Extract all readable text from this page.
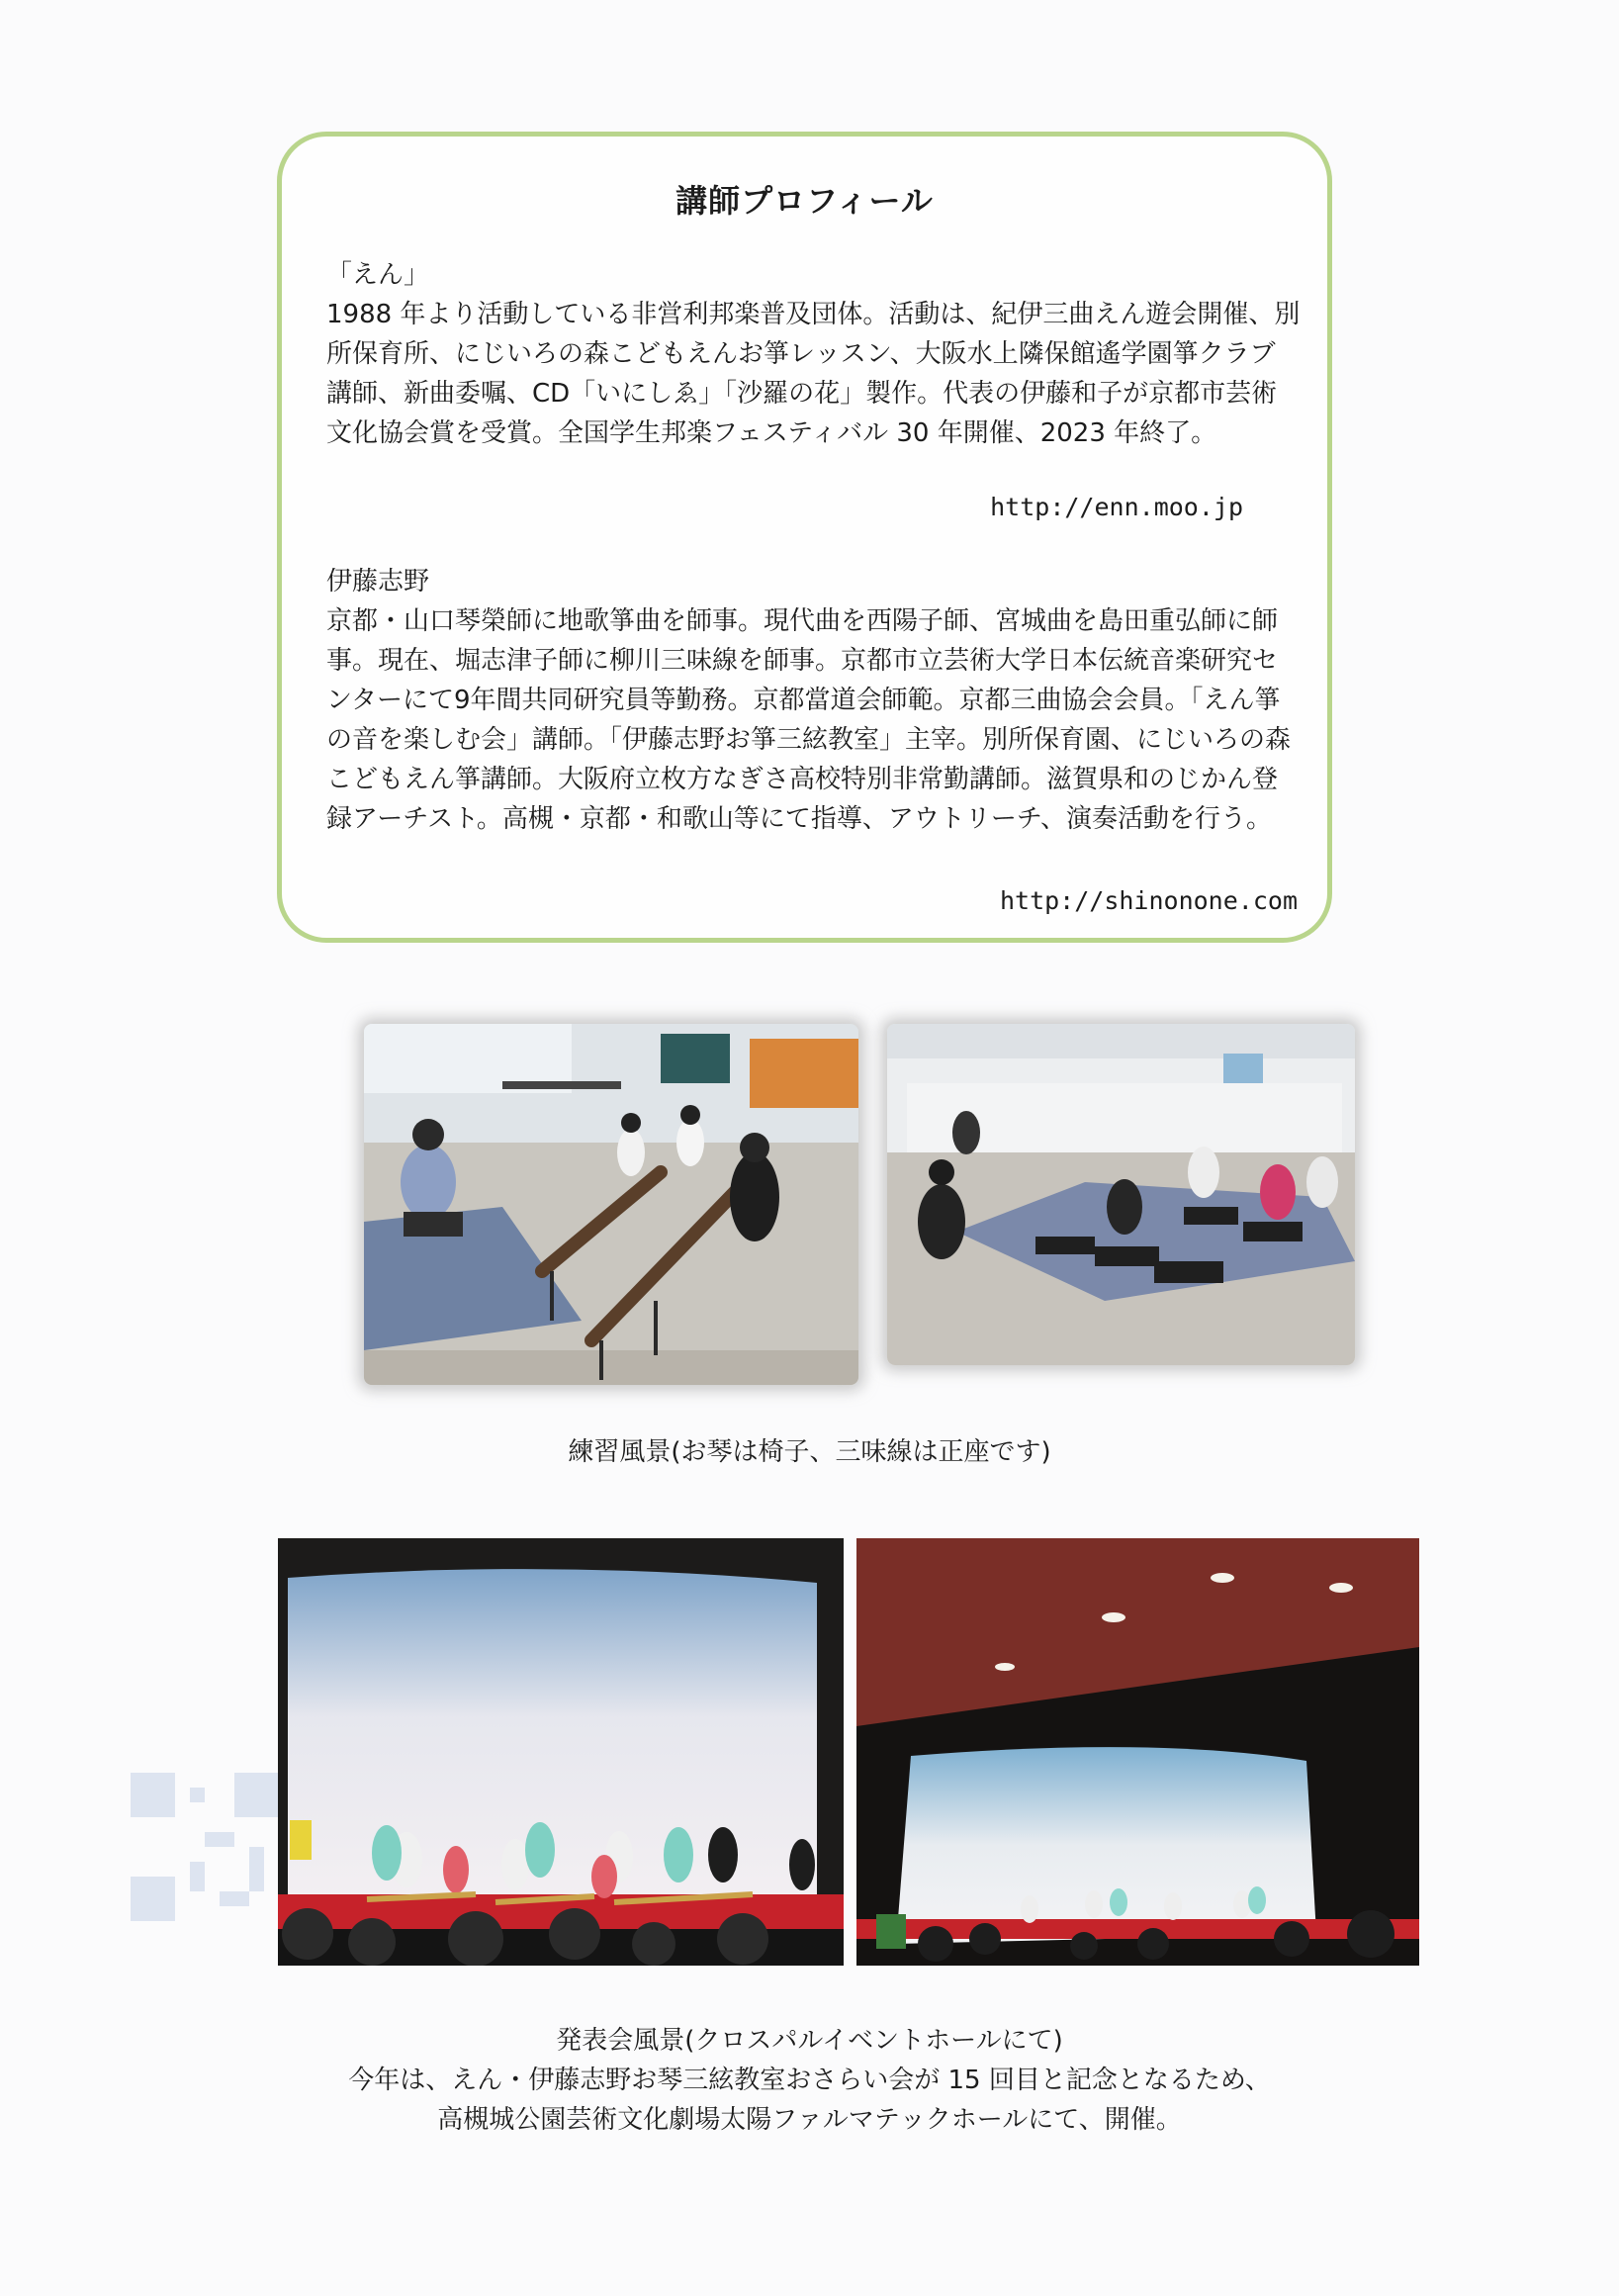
講師プロフィール

「えん」

1988 年より活動している非営利邦楽普及団体。活動は、紀伊三曲えん遊会開催、別所保育所、にじいろの森こどもえんお箏レッスン、大阪水上隣保館遙学園箏クラブ講師、新曲委嘱、CD「いにしゑ」「沙羅の花」製作。代表の伊藤和子が京都市芸術文化協会賞を受賞。全国学生邦楽フェスティバル 30 年開催、2023 年終了。

http://enn.moo.jp

伊藤志野

京都・山口琴榮師に地歌箏曲を師事。現代曲を西陽子師、宮城曲を島田重弘師に師事。現在、堀志津子師に柳川三味線を師事。京都市立芸術大学日本伝統音楽研究センターにて9年間共同研究員等勤務。京都當道会師範。京都三曲協会会員。「えん箏の音を楽しむ会」講師。「伊藤志野お箏三絃教室」主宰。別所保育園、にじいろの森こどもえん箏講師。大阪府立枚方なぎさ高校特別非常勤講師。滋賀県和のじかん登録アーチスト。高槻・京都・和歌山等にて指導、アウトリーチ、演奏活動を行う。

http://shinonone.com
練習風景(お琴は椅子、三味線は正座です)
発表会風景(クロスパルイベントホールにて)
今年は、えん・伊藤志野お琴三絃教室おさらい会が 15 回目と記念となるため、
高槻城公園芸術文化劇場太陽ファルマテックホールにて、開催。
